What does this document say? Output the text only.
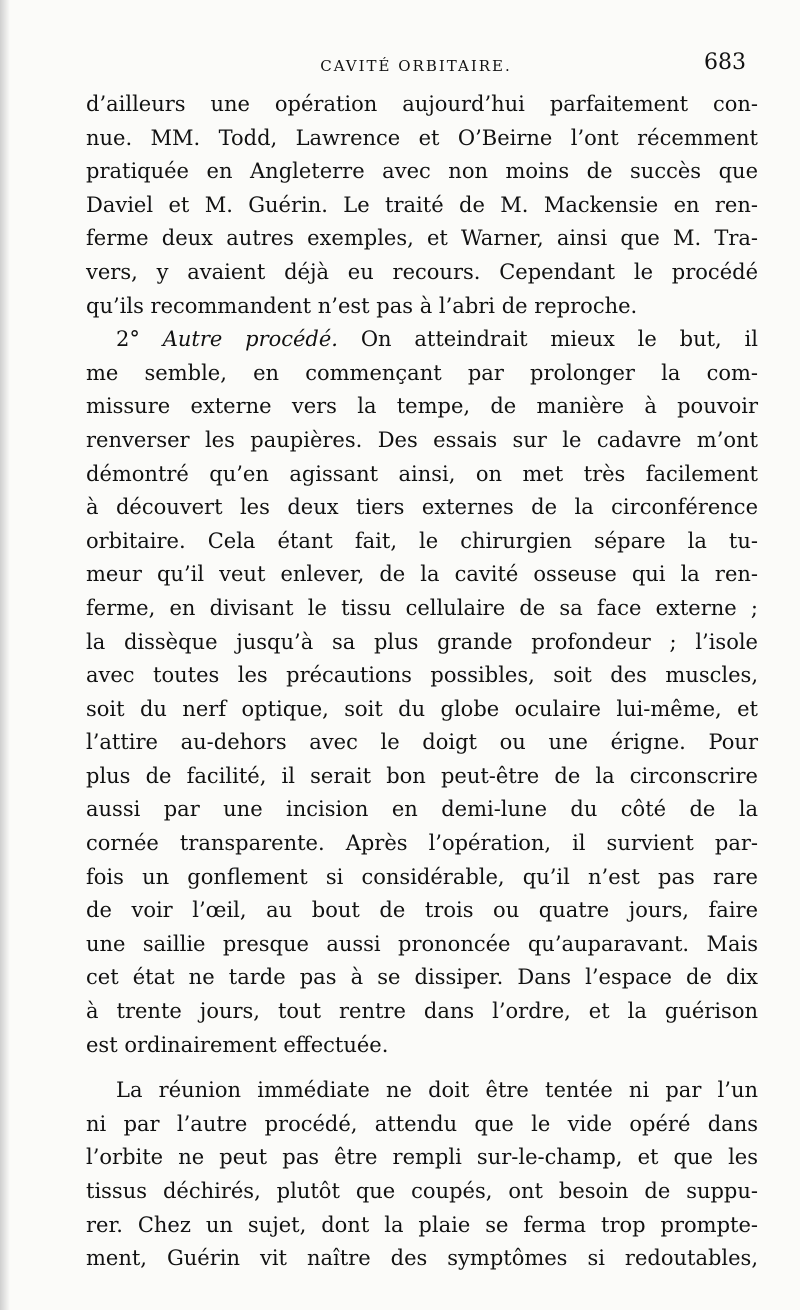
CAVITÉ ORBITAIRE.	683
d’ailleurs une opération aujourd’hui parfaitement con-
nue. MM. Todd, Lawrence et O’Beirne l’ont récemment
pratiquée en Angleterre avec non moins de succès que
Daviel et M. Guérin. Le traité de M. Mackensie en ren-
ferme deux autres exemples, et Warner, ainsi que M. Tra-
vers, y avaient déjà eu recours. Cependant le procédé
qu’ils recommandent n’est pas à l’abri de reproche.
2° Autre procédé. On atteindrait mieux le but, il
me semble, en commençant par prolonger la com-
missure externe vers la tempe, de manière à pouvoir
renverser les paupières. Des essais sur le cadavre m’ont
démontré qu’en agissant ainsi, on met très facilement
à découvert les deux tiers externes de la circonférence
orbitaire. Cela étant fait, le chirurgien sépare la tu-
meur qu’il veut enlever, de la cavité osseuse qui la ren-
ferme, en divisant le tissu cellulaire de sa face externe ;
la dissèque jusqu’à sa plus grande profondeur ; l’isole
avec toutes les précautions possibles, soit des muscles,
soit du nerf optique, soit du globe oculaire lui-même, et
l’attire au-dehors avec le doigt ou une érigne. Pour
plus de facilité, il serait bon peut-être de la circonscrire
aussi par une incision en demi-lune du côté de la
cornée transparente. Après l’opération, il survient par-
fois un gonflement si considérable, qu’il n’est pas rare
de voir l’œil, au bout de trois ou quatre jours, faire
une saillie presque aussi prononcée qu’auparavant. Mais
cet état ne tarde pas à se dissiper. Dans l’espace de dix
à trente jours, tout rentre dans l’ordre, et la guérison
est ordinairement effectuée.
La réunion immédiate ne doit être tentée ni par l’un
ni par l’autre procédé, attendu que le vide opéré dans
l’orbite ne peut pas être rempli sur-le-champ, et que les
tissus déchirés, plutôt que coupés, ont besoin de suppu-
rer. Chez un sujet, dont la plaie se ferma trop prompte-
ment, Guérin vit naître des symptômes si redoutables,
